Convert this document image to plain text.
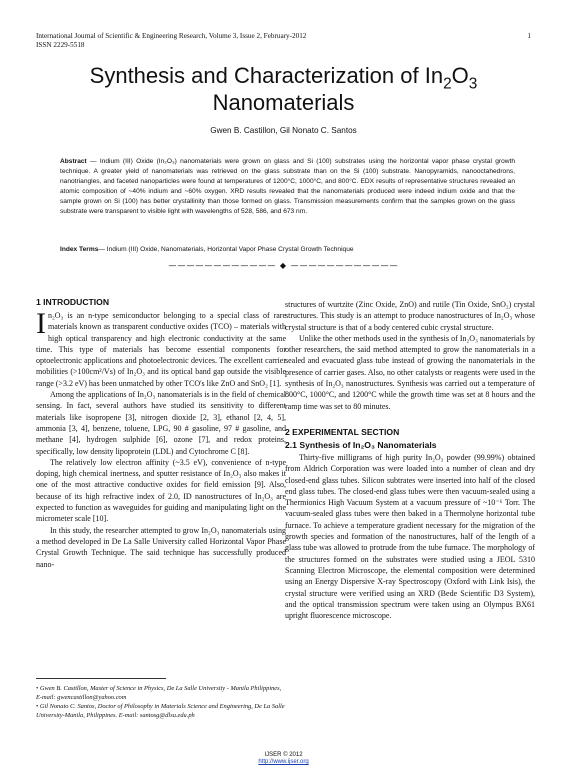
International Journal of Scientific & Engineering Research, Volume 3, Issue 2, February-2012
ISSN 2229-5518
1
Synthesis and Characterization of $In_2O_3$
Nanomaterials
Gwen B. Castillon, Gil Nonato C. Santos
Abstract — Indium (III) Oxide (In₂O₃) nanomaterials were grown on glass and Si (100) substrates using the horizontal vapor phase crystal growth technique. A greater yield of nanomaterials was retrieved on the glass substrate than on the Si (100) substrate. Nanopyramids, nanooctahedrons, nanotriangles, and faceted nanoparticles were found at temperatures of 1200°C, 1000°C, and 800°C. EDX results of representative structures revealed an atomic composition of ~40% indium and ~60% oxygen. XRD results revealed that the nanomaterials produced were indeed indium oxide and that the sample grown on Si (100) has better crystallinity than those formed on glass. Transmission measurements confirm that the samples grown on the glass substrate were transparent to visible light with wavelengths of 528, 586, and 673 nm.
Index Terms— Indium (III) Oxide, Nanomaterials, Horizontal Vapor Phase Crystal Growth Technique
———————————— ◆ ————————————
1 INTRODUCTION

In₂O₃ is an n-type semiconductor belonging to a special class of rare materials known as transparent conductive oxides (TCO) – materials with high optical transparency and high electronic conductivity at the same time. This type of materials has become essential components for optoelectronic applications and photoelectronic devices. The excellent carrier mobilities (>100cm²/Vs) of In₂O₃ and its optical band gap outside the visible range (>3.2 eV) has been unmatched by other TCO's like ZnO and SnO₂ [1].

Among the applications of In₂O₃ nanomaterials is in the field of chemical sensing. In fact, several authors have studied its sensitivity to different materials like isopropene [3], nitrogen dioxide [2, 3], ethanol [2, 4, 5], ammonia [3, 4], benzene, toluene, LPG, 90 # gasoline, 97 # gasoline, and methane [4], hydrogen sulphide [6], ozone [7], and redox proteins, specifically, low density lipoprotein (LDL) and Cytochrome C [8].

The relatively low electron affinity (~3.5 eV), convenience of n-type doping, high chemical inertness, and sputter resistance of In₂O₃ also makes it one of the most attractive conductive oxides for field emission [9]. Also, because of its high refractive index of 2.0, ID nanostructures of In₂O₃ are expected to function as waveguides for guiding and manipulating light on the micrometer scale [10].

In this study, the researcher attempted to grow In₂O₃ nanomaterials using a method developed in De La Salle University called Horizontal Vapor Phase Crystal Growth Technique. The said technique has successfully produced nano-

structures of wurtzite (Zinc Oxide, ZnO) and rutile (Tin Oxide, SnO₂) crystal structures. This study is an attempt to produce nanostructures of In₂O₃ whose crystal structure is that of a body centered cubic crystal structure.

Unlike the other methods used in the synthesis of In₂O₃ nanomaterials by other researchers, the said method attempted to grow the nanomaterials in a sealed and evacuated glass tube instead of growing the nanomaterials in the presence of carrier gases. Also, no other catalysts or reagents were used in the synthesis of In₂O₃ nanostructures. Synthesis was carried out a temperature of 800°C, 1000°C, and 1200°C while the growth time was set at 8 hours and the ramp time was set to 80 minutes.

2 EXPERIMENTAL SECTION
2.1 Synthesis of In₂O₃ Nanomaterials

Thirty-five milligrams of high purity In₂O₃ powder (99.99%) obtained from Aldrich Corporation was were loaded into a number of clean and dry closed-end glass tubes. Silicon subtrates were inserted into half of the closed end glass tubes. The closed-end glass tubes were then vacuum-sealed using a Thermionics High Vacuum System at a vacuum pressure of ~10⁻⁶ Torr. The vacuum-sealed glass tubes were then baked in a Thermolyne horizontal tube furnace. To achieve a temperature gradient necessary for the migration of the growth species and formation of the nanostructures, half of the length of a glass tube was allowed to protrude from the tube furnace. The morphology of the structures formed on the substrates were studied using a JEOL 5310 Scanning Electron Microscope, the elemental composition were determined using an Energy Dispersive X-ray Spectroscopy (Oxford with Link Isis), the crystal structure were verified using an XRD (Bede Scientific D3 System), and the optical transmission spectrum were taken using an Olympus BX61 upright fluorescence microscope.

• Gwen B. Castillon, Master of Science in Physics, De La Salle University - Manila Philippines, E-mail: gwencastillon@yahoo.com
• Gil Nonato C. Santos, Doctor of Philosophy in Materials Science and Engineering, De La Salle University-Manila, Philippines. E-mail: santosg@dlsu.edu.ph
IJSER © 2012
http://www.ijser.org
